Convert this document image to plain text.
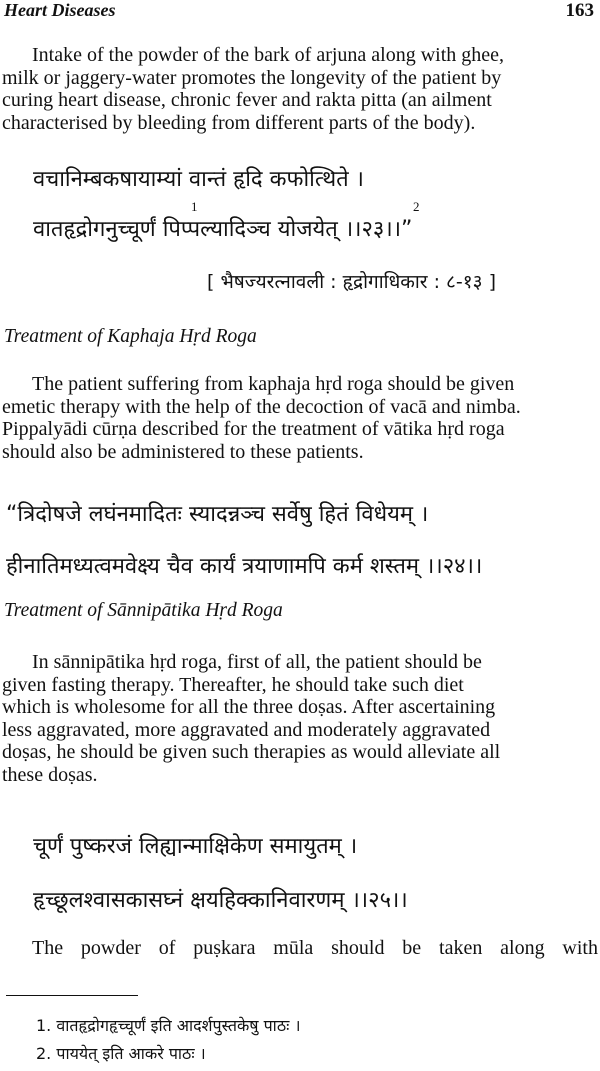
Heart Diseases	163
Intake of the powder of the bark of arjuna along with ghee,
milk or jaggery-water promotes the longevity of the patient by
curing heart disease, chronic fever and rakta pitta (an ailment
characterised by bleeding from different parts of the body).
वचानिम्बकषायाम्यां वान्तं हृदि कफोत्थिते ।
1	2
वातहृद्रोगनुच्चूर्णं पिप्पल्यादिञ्च योजयेत् ।।२३।।”
[ भैषज्यरत्नावली : हृद्रोगाधिकार : ८-१३ ]
Treatment of Kaphaja Hṛd Roga
The patient suffering from kaphaja hṛd roga should be given
emetic therapy with the help of the decoction of vacā and nimba.
Pippalyādi cūrṇa described for the treatment of vātika hṛd roga
should also be administered to these patients.
“त्रिदोषजे लघंनमादितः स्यादन्नञ्च सर्वेषु हितं विधेयम् ।
हीनातिमध्यत्वमवेक्ष्य चैव कार्यं त्रयाणामपि कर्म शस्तम् ।।२४।।
Treatment of Sānnipātika Hṛd Roga
In sānnipātika hṛd roga, first of all, the patient should be
given fasting therapy. Thereafter, he should take such diet
which is wholesome for all the three doṣas. After ascertaining
less aggravated, more aggravated and moderately aggravated
doṣas, he should be given such therapies as would alleviate all
these doṣas.
चूर्णं पुष्करजं लिह्यान्माक्षिकेण समायुतम् ।
हृच्छूलश्वासकासघ्नं क्षयहिक्कानिवारणम् ।।२५।।
The powder of puṣkara mūla should be taken along with
1. वातहृद्रोगहृच्चूर्णं इति आदर्शपुस्तकेषु पाठः ।
2. पाययेत् इति आकरे पाठः ।
